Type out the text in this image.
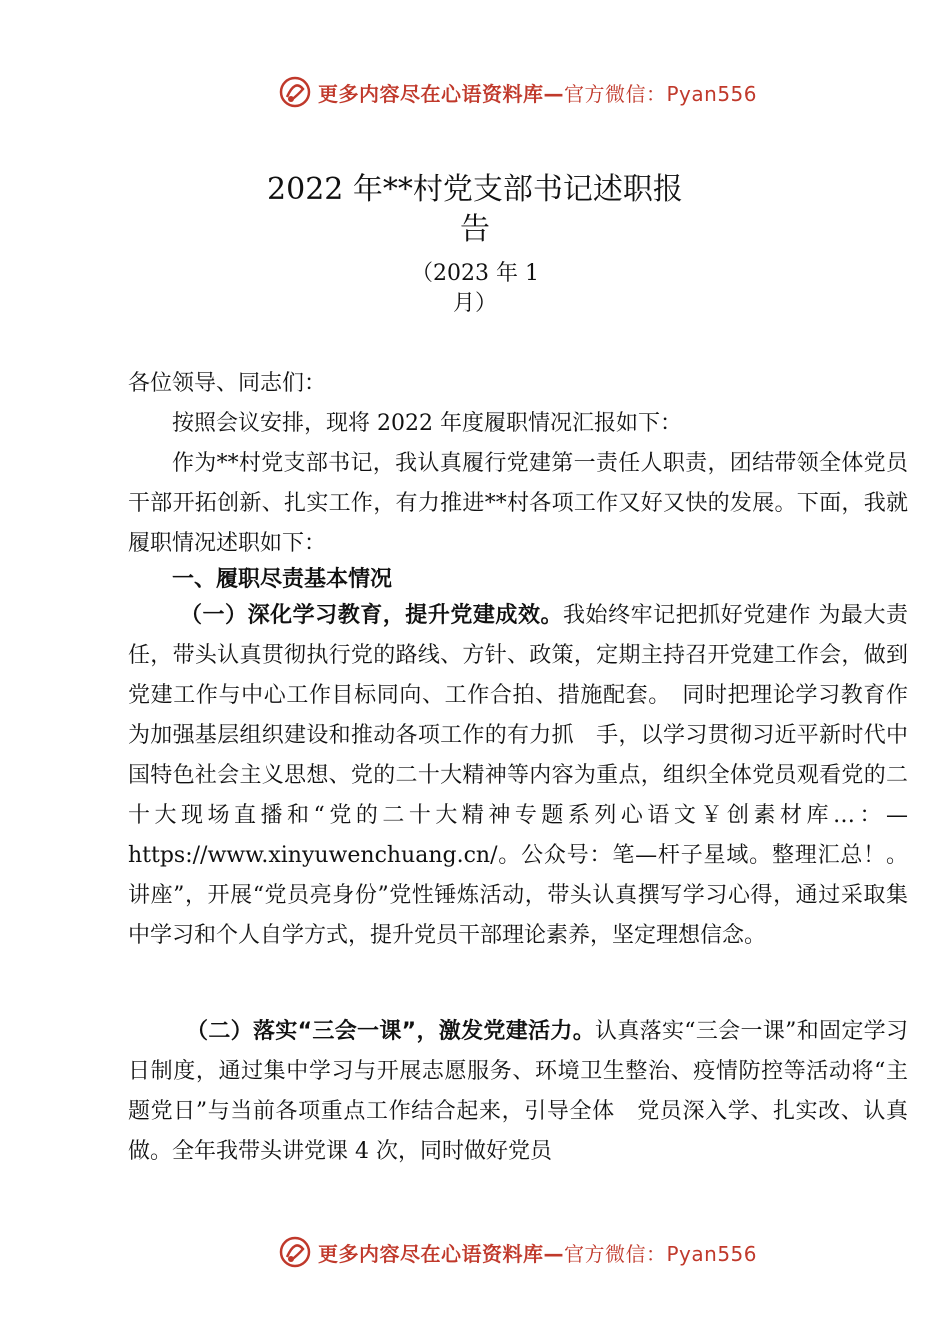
更多内容尽在心语资料库—官方微信：Pyan556
2022 年**村党支部书记述职报
告
（2023 年 1
月）
各位领导、同志们：
按照会议安排，现将 2022 年度履职情况汇报如下：
作为**村党支部书记，我认真履行党建第一责任人职责，团结带领全体党员干部开拓创新、扎实工作，有力推进**村各项工作又好又快的发展。下面，我就履职情况述职如下：
一、履职尽责基本情况
（一）深化学习教育，提升党建成效。我始终牢记把抓好党建作 为最大责任，带头认真贯彻执行党的路线、方针、政策，定期主持召开党建工作会，做到党建工作与中心工作目标同向、工作合拍、措施配套。　同时把理论学习教育作为加强基层组织建设和推动各项工作的有力抓　手，以学习贯彻习近平新时代中国特色社会主义思想、党的二十大精神等内容为重点，组织全体党员观看党的二十大现场直播和“党的二十大精神专题系列心语文￥创素材库…：—https://www.xinyuwenchuang.cn/。公众号：笔—杆子星域。整理汇总！。讲座”，开展“党员亮身份”党性锤炼活动，带头认真撰写学习心得，通过采取集中学习和个人自学方式，提升党员干部理论素养，坚定理想信念。
（二）落实“三会一课”，激发党建活力。认真落实“三会一课”和固定学习日制度，通过集中学习与开展志愿服务、环境卫生整治、疫情防控等活动将“主题党日”与当前各项重点工作结合起来，引导全体　党员深入学、扎实改、认真做。全年我带头讲党课 4 次，同时做好党员
更多内容尽在心语资料库—官方微信：Pyan556
